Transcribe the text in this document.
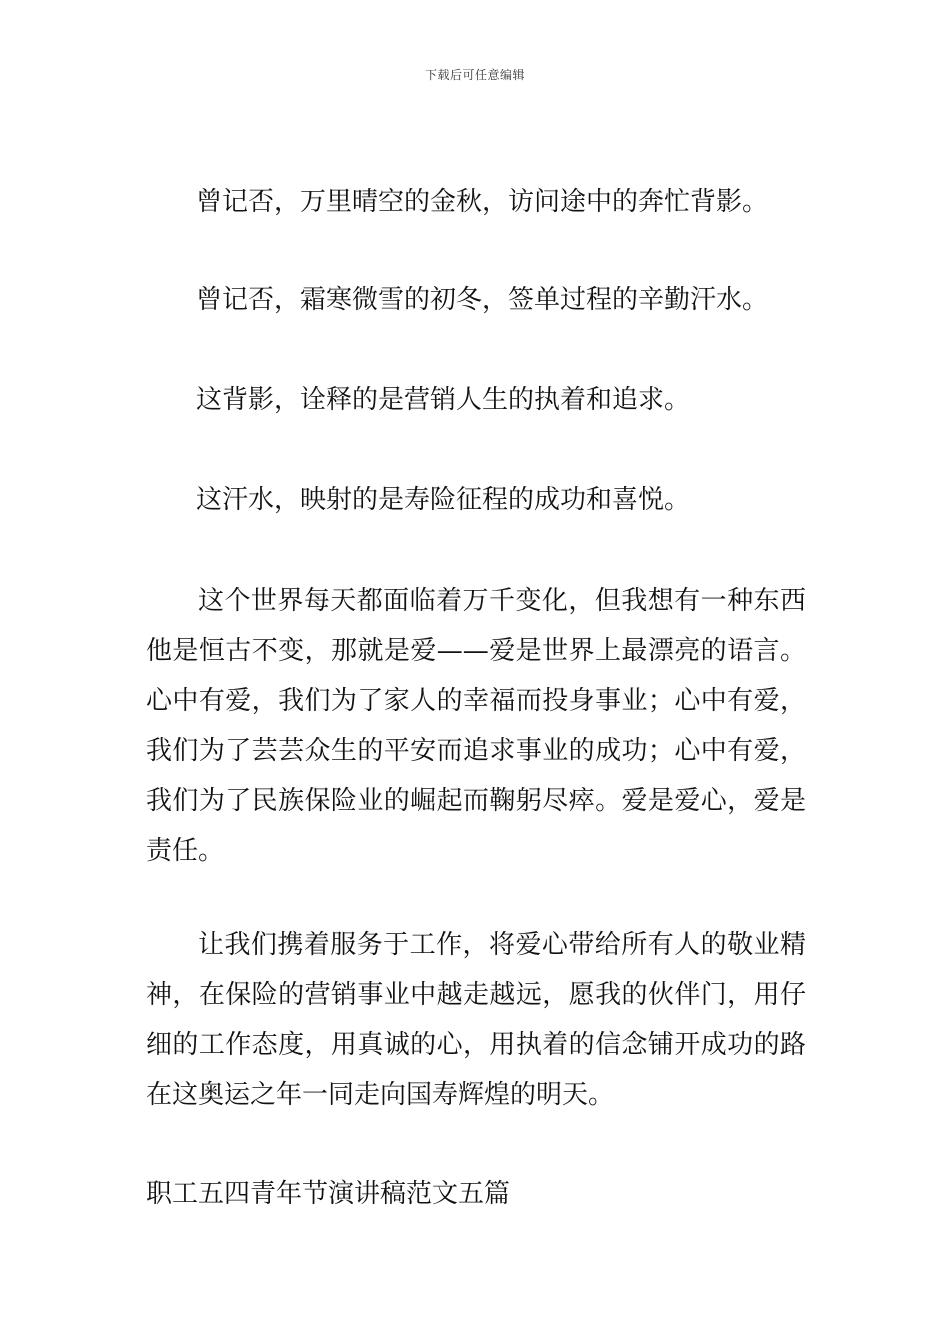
下载后可任意编辑
曾记否，万里晴空的金秋，访问途中的奔忙背影。
曾记否，霜寒微雪的初冬，签单过程的辛勤汗水。
这背影，诠释的是营销人生的执着和追求。
这汗水，映射的是寿险征程的成功和喜悦。

这个世界每天都面临着万千变化，但我想有一种东西他是恒古不变，那就是爱——爱是世界上最漂亮的语言。心中有爱，我们为了家人的幸福而投身事业；心中有爱，我们为了芸芸众生的平安而追求事业的成功；心中有爱，我们为了民族保险业的崛起而鞠躬尽瘁。爱是爱心，爱是责任。

让我们携着服务于工作，将爱心带给所有人的敬业精神，在保险的营销事业中越走越远，愿我的伙伴门，用仔细的工作态度，用真诚的心，用执着的信念铺开成功的路在这奥运之年一同走向国寿辉煌的明天。

职工五四青年节演讲稿范文五篇
